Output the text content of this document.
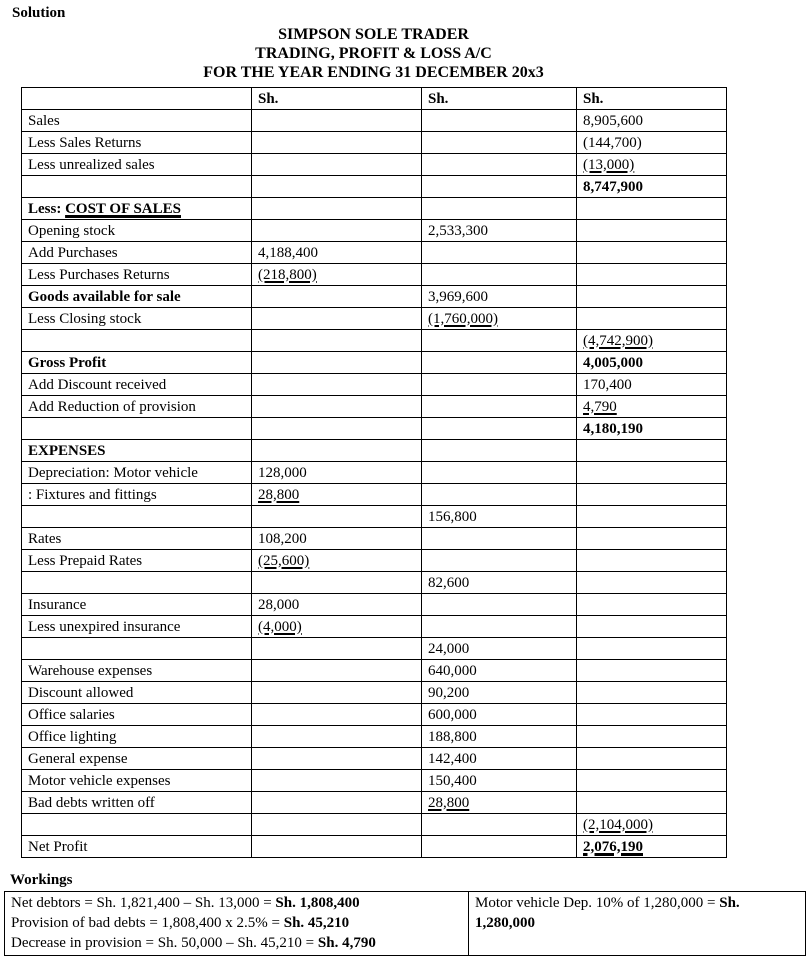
Solution
SIMPSON SOLE TRADER
TRADING, PROFIT & LOSS A/C
FOR THE YEAR ENDING 31 DECEMBER 20x3
	Sh.	Sh.	Sh.
Sales			8,905,600
Less Sales Returns			(144,700)
Less unrealized sales			(13,000)
			8,747,900
Less: COST OF SALES			
Opening stock		2,533,300	
Add Purchases	4,188,400		
Less Purchases Returns	(218,800)		
Goods available for sale		3,969,600	
Less Closing stock		(1,760,000)	
			(4,742,900)
Gross Profit			4,005,000
Add Discount received			170,400
Add Reduction of provision			4,790
			4,180,190
EXPENSES			
Depreciation: Motor vehicle	128,000		
: Fixtures and fittings	28,800		
		156,800	
Rates	108,200		
Less Prepaid Rates	(25,600)		
		82,600	
Insurance	28,000		
Less unexpired insurance	(4,000)		
		24,000	
Warehouse expenses		640,000	
Discount allowed		90,200	
Office salaries		600,000	
Office lighting		188,800	
General expense		142,400	
Motor vehicle expenses		150,400	
Bad debts written off		28,800	
			(2,104,000)
Net Profit			2,076,190
Workings
Net debtors = Sh. 1,821,400 – Sh. 13,000 = Sh. 1,808,400
Provision of bad debts = 1,808,400 x 2.5% = Sh. 45,210
Decrease in provision = Sh. 50,000 – Sh. 45,210 = Sh. 4,790
	Motor vehicle Dep. 10% of 1,280,000 = Sh. 1,280,000
